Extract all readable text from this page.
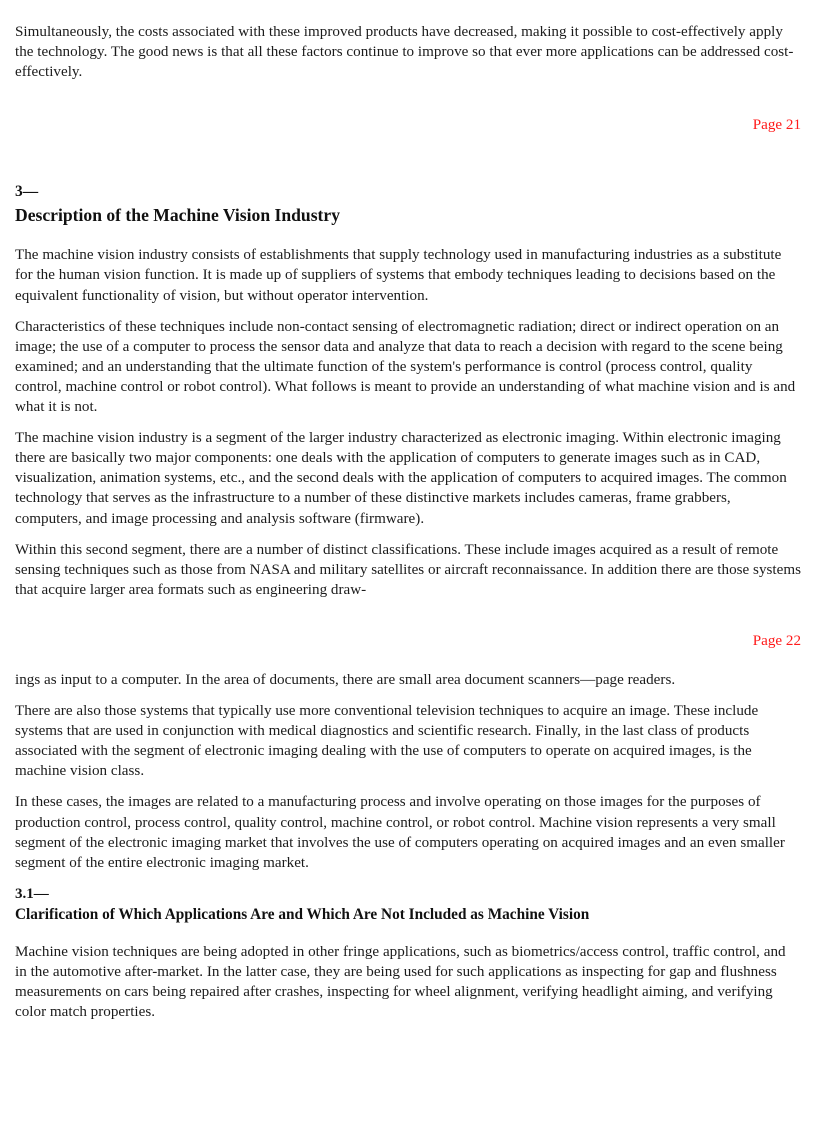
Simultaneously, the costs associated with these improved products have decreased, making it possible to cost-effectively apply the technology. The good news is that all these factors continue to improve so that ever more applications can be addressed cost-effectively.

Page 21
3—
Description of the Machine Vision Industry

The machine vision industry consists of establishments that supply technology used in manufacturing industries as a substitute for the human vision function. It is made up of suppliers of systems that embody techniques leading to decisions based on the equivalent functionality of vision, but without operator intervention.

Characteristics of these techniques include non-contact sensing of electromagnetic radiation; direct or indirect operation on an image; the use of a computer to process the sensor data and analyze that data to reach a decision with regard to the scene being examined; and an understanding that the ultimate function of the system's performance is control (process control, quality control, machine control or robot control). What follows is meant to provide an understanding of what machine vision and is and what it is not.

The machine vision industry is a segment of the larger industry characterized as electronic imaging. Within electronic imaging there are basically two major components: one deals with the application of computers to generate images such as in CAD, visualization, animation systems, etc., and the second deals with the application of computers to acquired images. The common technology that serves as the infrastructure to a number of these distinctive markets includes cameras, frame grabbers, computers, and image processing and analysis software (firmware).

Within this second segment, there are a number of distinct classifications. These include images acquired as a result of remote sensing techniques such as those from NASA and military satellites or aircraft reconnaissance. In addition there are those systems that acquire larger area formats such as engineering draw-

Page 22

ings as input to a computer. In the area of documents, there are small area document scanners—page readers.

There are also those systems that typically use more conventional television techniques to acquire an image. These include systems that are used in conjunction with medical diagnostics and scientific research. Finally, in the last class of products associated with the segment of electronic imaging dealing with the use of computers to operate on acquired images, is the machine vision class.

In these cases, the images are related to a manufacturing process and involve operating on those images for the purposes of production control, process control, quality control, machine control, or robot control. Machine vision represents a very small segment of the electronic imaging market that involves the use of computers operating on acquired images and an even smaller segment of the entire electronic imaging market.

3.1—
Clarification of Which Applications Are and Which Are Not Included as Machine Vision

Machine vision techniques are being adopted in other fringe applications, such as biometrics/access control, traffic control, and in the automotive after-market. In the latter case, they are being used for such applications as inspecting for gap and flushness measurements on cars being repaired after crashes, inspecting for wheel alignment, verifying headlight aiming, and verifying color match properties.
